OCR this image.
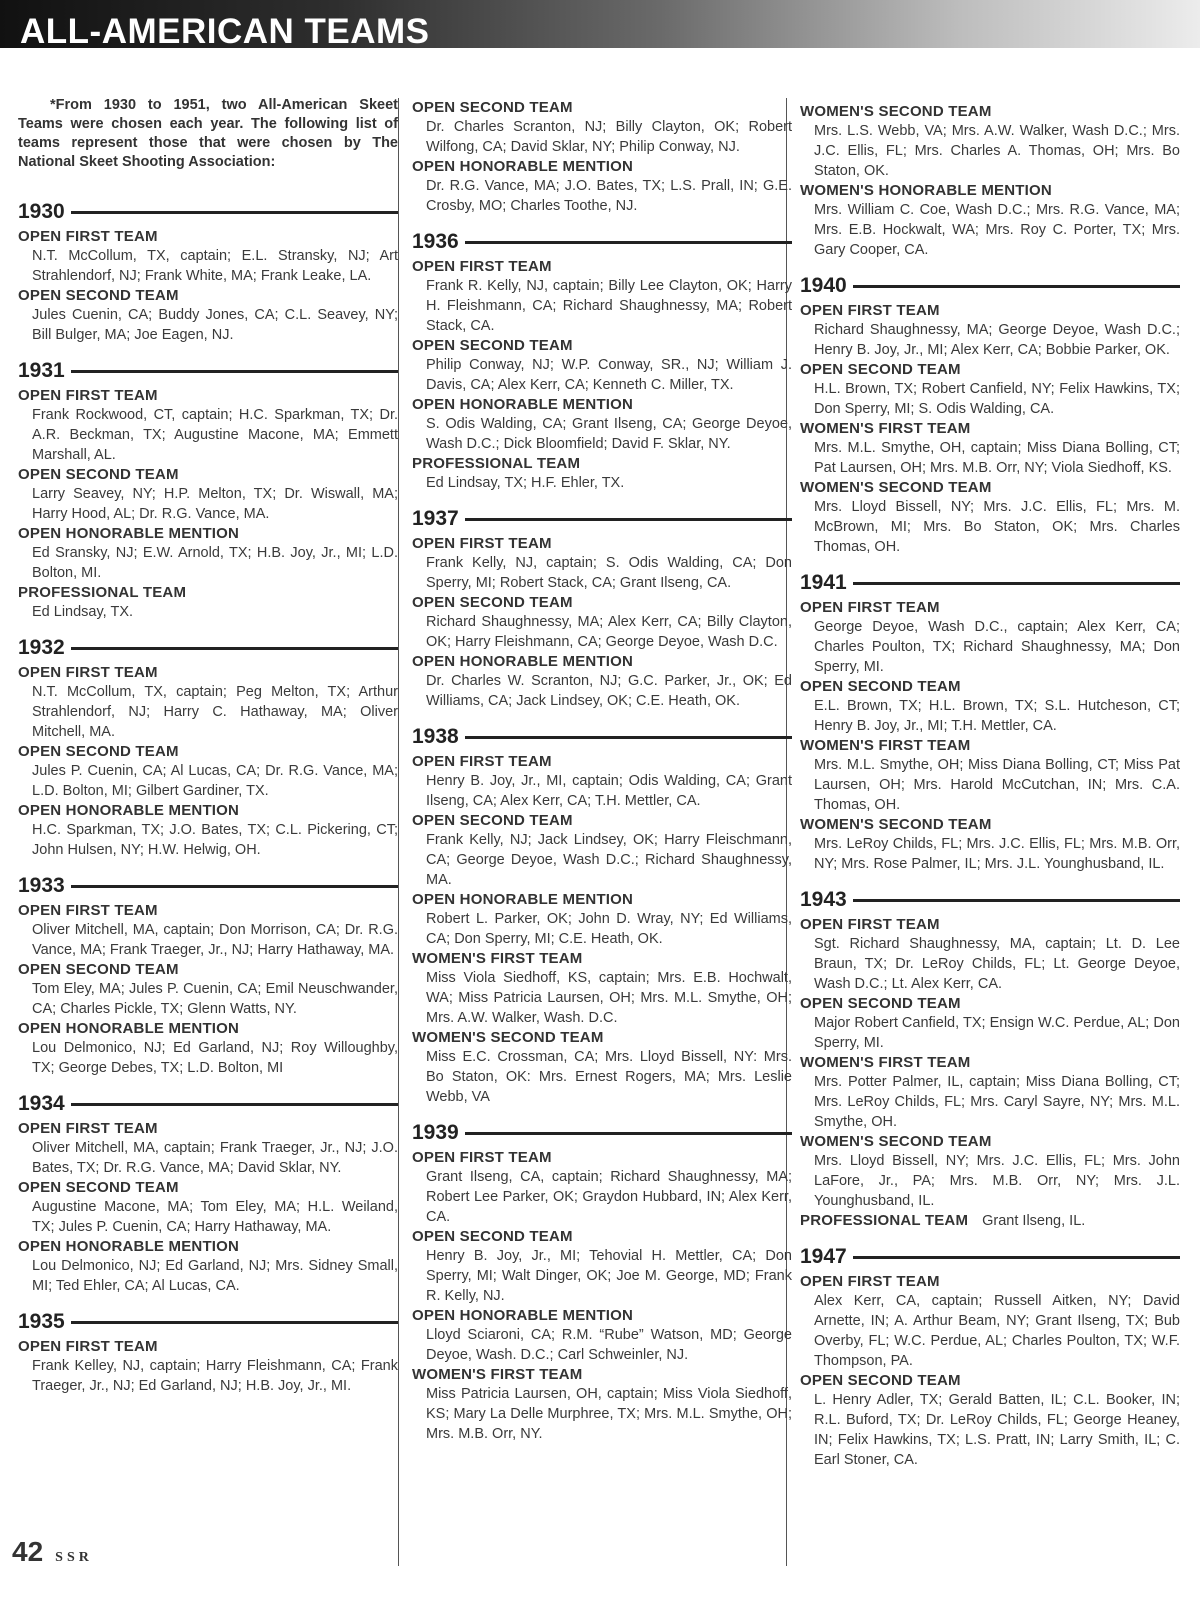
ALL-AMERICAN TEAMS
*From 1930 to 1951, two All-American Skeet Teams were chosen each year. The following list of teams represent those that were chosen by The National Skeet Shooting Association:
1930
OPEN FIRST TEAM
N.T. McCollum, TX, captain; E.L. Stransky, NJ; Art Strahlendorf, NJ; Frank White, MA; Frank Leake, LA.
OPEN SECOND TEAM
Jules Cuenin, CA; Buddy Jones, CA; C.L. Seavey, NY; Bill Bulger, MA; Joe Eagen, NJ.
1931
OPEN FIRST TEAM
Frank Rockwood, CT, captain; H.C. Sparkman, TX; Dr. A.R. Beckman, TX; Augustine Macone, MA; Emmett Marshall, AL.
OPEN SECOND TEAM
Larry Seavey, NY; H.P. Melton, TX; Dr. Wiswall, MA; Harry Hood, AL; Dr. R.G. Vance, MA.
OPEN HONORABLE MENTION
Ed Sransky, NJ; E.W. Arnold, TX; H.B. Joy, Jr., MI; L.D. Bolton, MI.
PROFESSIONAL TEAM
Ed Lindsay, TX.
1932
OPEN FIRST TEAM
N.T. McCollum, TX, captain; Peg Melton, TX; Arthur Strahlendorf, NJ; Harry C. Hathaway, MA; Oliver Mitchell, MA.
OPEN SECOND TEAM
Jules P. Cuenin, CA; Al Lucas, CA; Dr. R.G. Vance, MA; L.D. Bolton, MI; Gilbert Gardiner, TX.
OPEN HONORABLE MENTION
H.C. Sparkman, TX; J.O. Bates, TX; C.L. Pickering, CT; John Hulsen, NY; H.W. Helwig, OH.
1933
OPEN FIRST TEAM
Oliver Mitchell, MA, captain; Don Morrison, CA; Dr. R.G. Vance, MA; Frank Traeger, Jr., NJ; Harry Hathaway, MA.
OPEN SECOND TEAM
Tom Eley, MA; Jules P. Cuenin, CA; Emil Neuschwander, CA; Charles Pickle, TX; Glenn Watts, NY.
OPEN HONORABLE MENTION
Lou Delmonico, NJ; Ed Garland, NJ; Roy Willoughby, TX; George Debes, TX; L.D. Bolton, MI
1934
OPEN FIRST TEAM
Oliver Mitchell, MA, captain; Frank Traeger, Jr., NJ; J.O. Bates, TX; Dr. R.G. Vance, MA; David Sklar, NY.
OPEN SECOND TEAM
Augustine Macone, MA; Tom Eley, MA; H.L. Weiland, TX; Jules P. Cuenin, CA; Harry Hathaway, MA.
OPEN HONORABLE MENTION
Lou Delmonico, NJ; Ed Garland, NJ; Mrs. Sidney Small, MI; Ted Ehler, CA; Al Lucas, CA.
1935
OPEN FIRST TEAM
Frank Kelley, NJ, captain; Harry Fleishmann, CA; Frank Traeger, Jr., NJ; Ed Garland, NJ; H.B. Joy, Jr., MI.
OPEN SECOND TEAM
Dr. Charles Scranton, NJ; Billy Clayton, OK; Robert Wilfong, CA; David Sklar, NY; Philip Conway, NJ.
OPEN HONORABLE MENTION
Dr. R.G. Vance, MA; J.O. Bates, TX; L.S. Prall, IN; G.E. Crosby, MO; Charles Toothe, NJ.
1936
OPEN FIRST TEAM
Frank R. Kelly, NJ, captain; Billy Lee Clayton, OK; Harry H. Fleishmann, CA; Richard Shaughnessy, MA; Robert Stack, CA.
OPEN SECOND TEAM
Philip Conway, NJ; W.P. Conway, SR., NJ; William J. Davis, CA; Alex Kerr, CA; Kenneth C. Miller, TX.
OPEN HONORABLE MENTION
S. Odis Walding, CA; Grant Ilseng, CA; George Deyoe, Wash D.C.; Dick Bloomfield; David F. Sklar, NY.
PROFESSIONAL TEAM
Ed Lindsay, TX; H.F. Ehler, TX.
1937
OPEN FIRST TEAM
Frank Kelly, NJ, captain; S. Odis Walding, CA; Don Sperry, MI; Robert Stack, CA; Grant Ilseng, CA.
OPEN SECOND TEAM
Richard Shaughnessy, MA; Alex Kerr, CA; Billy Clayton, OK; Harry Fleishmann, CA; George Deyoe, Wash D.C.
OPEN HONORABLE MENTION
Dr. Charles W. Scranton, NJ; G.C. Parker, Jr., OK; Ed Williams, CA; Jack Lindsey, OK; C.E. Heath, OK.
1938
OPEN FIRST TEAM
Henry B. Joy, Jr., MI, captain; Odis Walding, CA; Grant Ilseng, CA; Alex Kerr, CA; T.H. Mettler, CA.
OPEN SECOND TEAM
Frank Kelly, NJ; Jack Lindsey, OK; Harry Fleischmann, CA; George Deyoe, Wash D.C.; Richard Shaughnessy, MA.
OPEN HONORABLE MENTION
Robert L. Parker, OK; John D. Wray, NY; Ed Williams, CA; Don Sperry, MI; C.E. Heath, OK.
WOMEN'S FIRST TEAM
Miss Viola Siedhoff, KS, captain; Mrs. E.B. Hochwalt, WA; Miss Patricia Laursen, OH; Mrs. M.L. Smythe, OH; Mrs. A.W. Walker, Wash. D.C.
WOMEN'S SECOND TEAM
Miss E.C. Crossman, CA; Mrs. Lloyd Bissell, NY: Mrs. Bo Staton, OK: Mrs. Ernest Rogers, MA; Mrs. Leslie Webb, VA
1939
OPEN FIRST TEAM
Grant Ilseng, CA, captain; Richard Shaughnessy, MA; Robert Lee Parker, OK; Graydon Hubbard, IN; Alex Kerr, CA.
OPEN SECOND TEAM
Henry B. Joy, Jr., MI; Tehovial H. Mettler, CA; Don Sperry, MI; Walt Dinger, OK; Joe M. George, MD; Frank R. Kelly, NJ.
OPEN HONORABLE MENTION
Lloyd Sciaroni, CA; R.M. “Rube” Watson, MD; George Deyoe, Wash. D.C.; Carl Schweinler, NJ.
WOMEN'S FIRST TEAM
Miss Patricia Laursen, OH, captain; Miss Viola Siedhoff, KS; Mary La Delle Murphree, TX; Mrs. M.L. Smythe, OH; Mrs. M.B. Orr, NY.
WOMEN'S SECOND TEAM
Mrs. L.S. Webb, VA; Mrs. A.W. Walker, Wash D.C.; Mrs. J.C. Ellis, FL; Mrs. Charles A. Thomas, OH; Mrs. Bo Staton, OK.
WOMEN'S HONORABLE MENTION
Mrs. William C. Coe, Wash D.C.; Mrs. R.G. Vance, MA; Mrs. E.B. Hockwalt, WA; Mrs. Roy C. Porter, TX; Mrs. Gary Cooper, CA.
1940
OPEN FIRST TEAM
Richard Shaughnessy, MA; George Deyoe, Wash D.C.; Henry B. Joy, Jr., MI; Alex Kerr, CA; Bobbie Parker, OK.
OPEN SECOND TEAM
H.L. Brown, TX; Robert Canfield, NY; Felix Hawkins, TX; Don Sperry, MI; S. Odis Walding, CA.
WOMEN'S FIRST TEAM
Mrs. M.L. Smythe, OH, captain; Miss Diana Bolling, CT; Pat Laursen, OH; Mrs. M.B. Orr, NY; Viola Siedhoff, KS.
WOMEN'S SECOND TEAM
Mrs. Lloyd Bissell, NY; Mrs. J.C. Ellis, FL; Mrs. M. McBrown, MI; Mrs. Bo Staton, OK; Mrs. Charles Thomas, OH.
1941
OPEN FIRST TEAM
George Deyoe, Wash D.C., captain; Alex Kerr, CA; Charles Poulton, TX; Richard Shaughnessy, MA; Don Sperry, MI.
OPEN SECOND TEAM
E.L. Brown, TX; H.L. Brown, TX; S.L. Hutcheson, CT; Henry B. Joy, Jr., MI; T.H. Mettler, CA.
WOMEN'S FIRST TEAM
Mrs. M.L. Smythe, OH; Miss Diana Bolling, CT; Miss Pat Laursen, OH; Mrs. Harold McCutchan, IN; Mrs. C.A. Thomas, OH.
WOMEN'S SECOND TEAM
Mrs. LeRoy Childs, FL; Mrs. J.C. Ellis, FL; Mrs. M.B. Orr, NY; Mrs. Rose Palmer, IL; Mrs. J.L. Younghusband, IL.
1943
OPEN FIRST TEAM
Sgt. Richard Shaughnessy, MA, captain; Lt. D. Lee Braun, TX; Dr. LeRoy Childs, FL; Lt. George Deyoe, Wash D.C.; Lt. Alex Kerr, CA.
OPEN SECOND TEAM
Major Robert Canfield, TX; Ensign W.C. Perdue, AL; Don Sperry, MI.
WOMEN'S FIRST TEAM
Mrs. Potter Palmer, IL, captain; Miss Diana Bolling, CT; Mrs. LeRoy Childs, FL; Mrs. Caryl Sayre, NY; Mrs. M.L. Smythe, OH.
WOMEN'S SECOND TEAM
Mrs. Lloyd Bissell, NY; Mrs. J.C. Ellis, FL; Mrs. John LaFore, Jr., PA; Mrs. M.B. Orr, NY; Mrs. J.L. Younghusband, IL.
PROFESSIONAL TEAM Grant Ilseng, IL.
1947
OPEN FIRST TEAM
Alex Kerr, CA, captain; Russell Aitken, NY; David Arnette, IN; A. Arthur Beam, NY; Grant Ilseng, TX; Bub Overby, FL; W.C. Perdue, AL; Charles Poulton, TX; W.F. Thompson, PA.
OPEN SECOND TEAM
L. Henry Adler, TX; Gerald Batten, IL; C.L. Booker, IN; R.L. Buford, TX; Dr. LeRoy Childs, FL; George Heaney, IN; Felix Hawkins, TX; L.S. Pratt, IN; Larry Smith, IL; C. Earl Stoner, CA.
42 SSR
